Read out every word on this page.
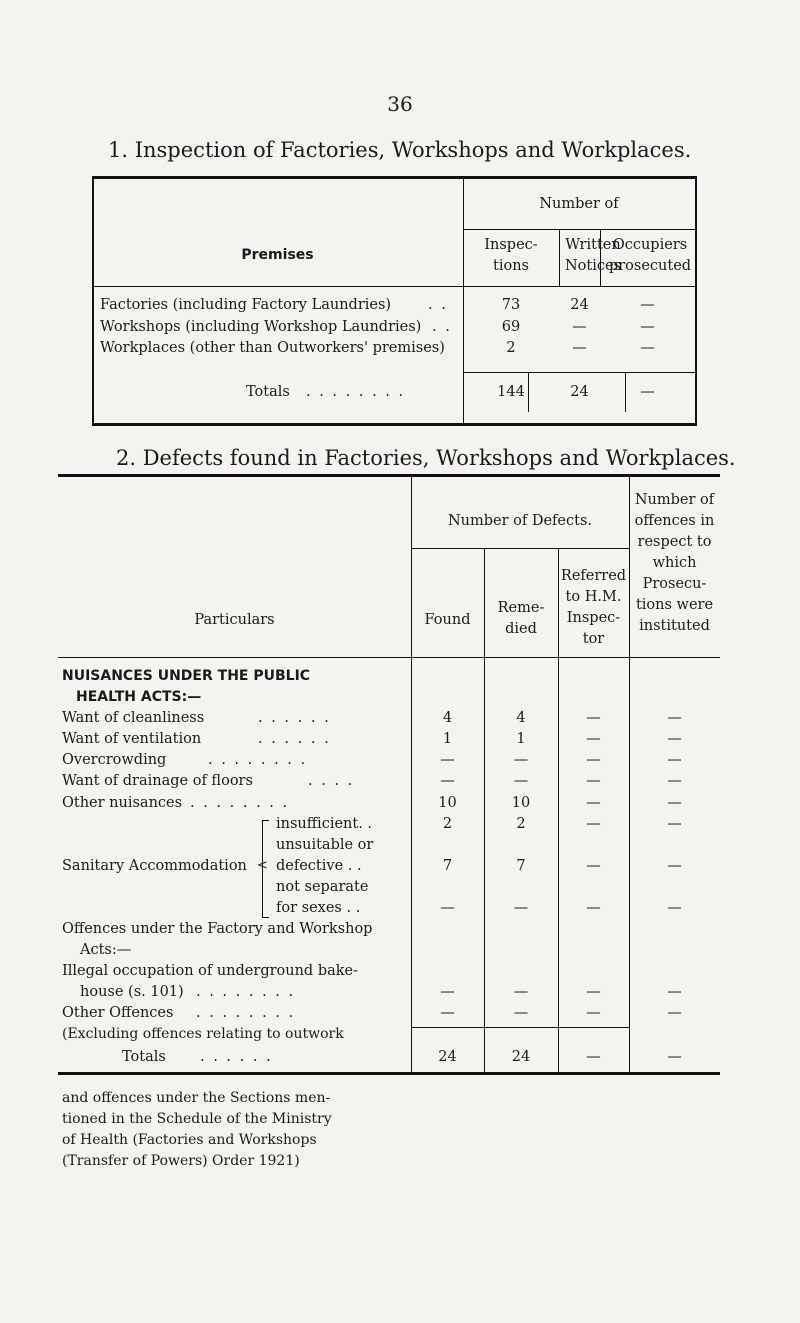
36
1. Inspection of Factories, Workshops and Workplaces.
Number of
Premises
Inspec-
tions
Written
Notices
Occupiers
prosecuted
Factories (including Factory Laundries)	. .	73	24	—
Workshops (including Workshop Laundries) . .	69	—	—
Workplaces (other than Outworkers' premises)	2	—	—
Totals . . . . . . . .	144	24	—
2. Defects found in Factories, Workshops and Workplaces.
Number of Defects.
Particulars	Found
Reme-
died
Referred
to H.M.
Inspec-
tor
Number of
offences in
respect to
which
Prosecu-
tions were
instituted
NUISANCES UNDER THE PUBLIC
HEALTH ACTS:—
Want of cleanliness	. . . . . .	4	4	—	—
Want of ventilation	. . . . . .	1	1	—	—
Overcrowding	. . . . . . . .	—	—	—	—
Want of drainage of floors	. . . .	—	—	—	—
Other nuisances . . . . . . . .	10	10	—	—
Sanitary Accommodation <
insufficient. .	2	2	—	—
unsuitable or
defective . .	7	7	—	—
not separate
for sexes . .	—	—	—	—
Offences under the Factory and Workshop
Acts:—
Illegal occupation of underground bake-
house (s. 101) . . . . . . . .	—	—	—	—
Other Offences . . . . . . . .	—	—	—	—
(Excluding offences relating to outwork
Totals . . . . . .	24	24	—	—
and offences under the Sections men-
tioned in the Schedule of the Ministry
of Health (Factories and Workshops
(Transfer of Powers) Order 1921)
